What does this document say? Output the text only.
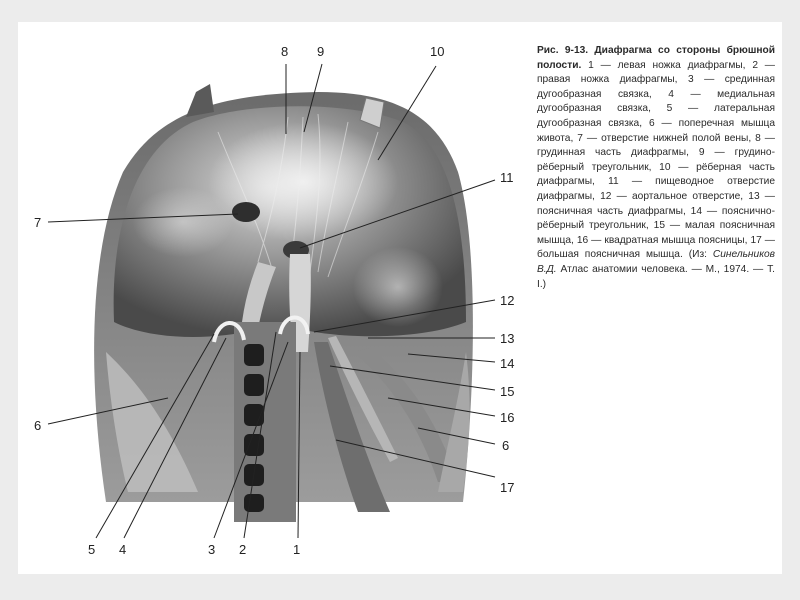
8 9	10
11
7
12
13
14
15
16
6
17
6
5 4	3 2	1
Рис. 9-13. Диафрагма со стороны брюшной полости. 1 — левая ножка диафрагмы, 2 — правая ножка диафрагмы, 3 — срединная дугообразная связка, 4 — медиальная дугообразная связка, 5 — латеральная дугообразная связка, 6 — поперечная мышца живота, 7 — отверстие нижней полой вены, 8 — грудинная часть диафрагмы, 9 — грудино-рёберный треугольник, 10 — рёберная часть диафрагмы, 11 — пищеводное отверстие диафрагмы, 12 — аортальное отверстие, 13 — поясничная часть диафрагмы, 14 — пояснично-рёберный треугольник, 15 — малая поясничная мышца, 16 — квадратная мышца поясницы, 17 — большая поясничная мышца. (Из: Синельников В.Д. Атлас анатомии человека. — М., 1974. — Т. I.)
